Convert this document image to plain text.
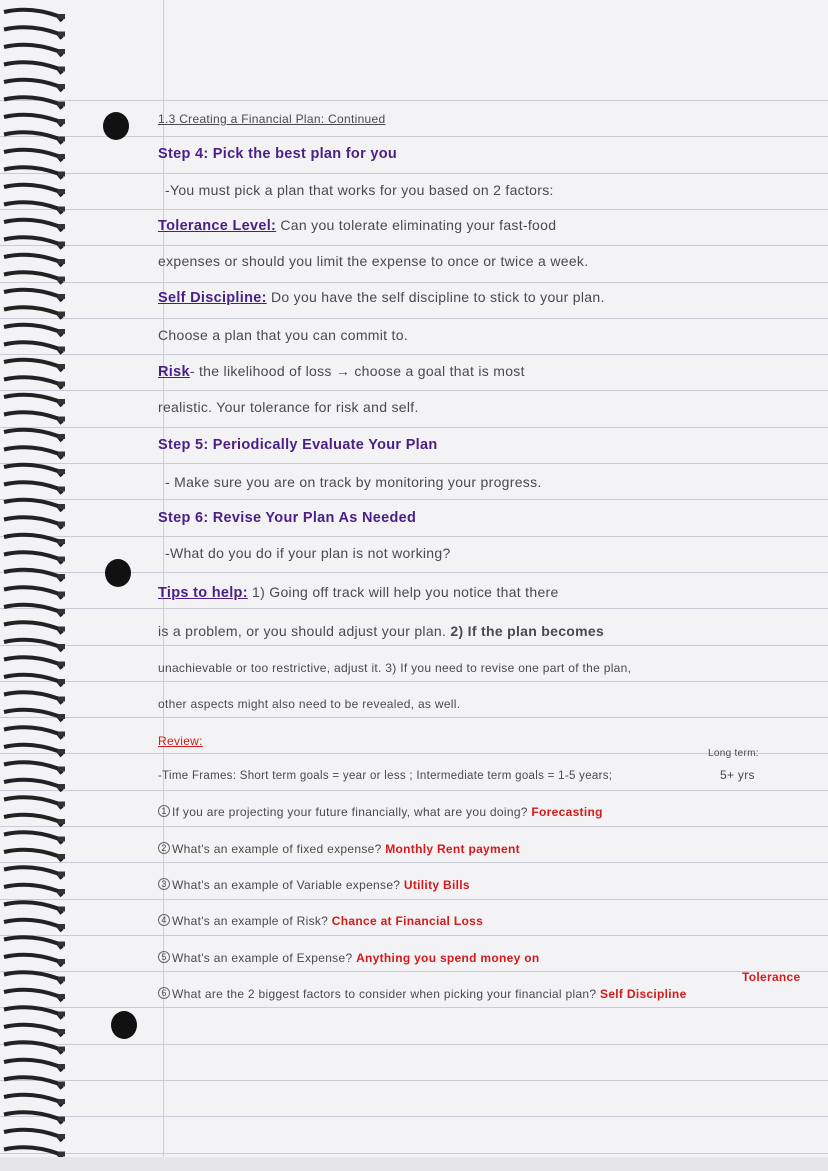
1.3 Creating a Financial Plan: Continued
Step 4: Pick the best plan for you
-You must pick a plan that works for you based on 2 factors:
Tolerance Level: Can you tolerate eliminating your fast-food
expenses or should you limit the expense to once or twice a week.
Self Discipline: Do you have the self discipline to stick to your plan.
Choose a plan that you can commit to.
Risk- the likelihood of loss → choose a goal that is most
realistic. Your tolerance for risk and self.
Step 5: Periodically Evaluate Your Plan
- Make sure you are on track by monitoring your progress.
Step 6: Revise Your Plan As Needed
-What do you do if your plan is not working?
Tips to help: 1) Going off track will help you notice that there
is a problem, or you should adjust your plan. 2) If the plan becomes
unachievable or too restrictive, adjust it. 3) If you need to revise one part of the plan,
other aspects might also need to be revealed, as well.
Review:
Long term:
-Time Frames: Short term goals = year or less ; Intermediate term goals = 1-5 years;	5+ yrs
1 If you are projecting your future financially, what are you doing? Forecasting
2 What's an example of fixed expense? Monthly Rent payment
3 What's an example of Variable expense? Utility Bills
4 What's an example of Risk? Chance at Financial Loss
5 What's an example of Expense? Anything you spend money on
6 What are the 2 biggest factors to consider when picking your financial plan? Self Discipline
Tolerance
